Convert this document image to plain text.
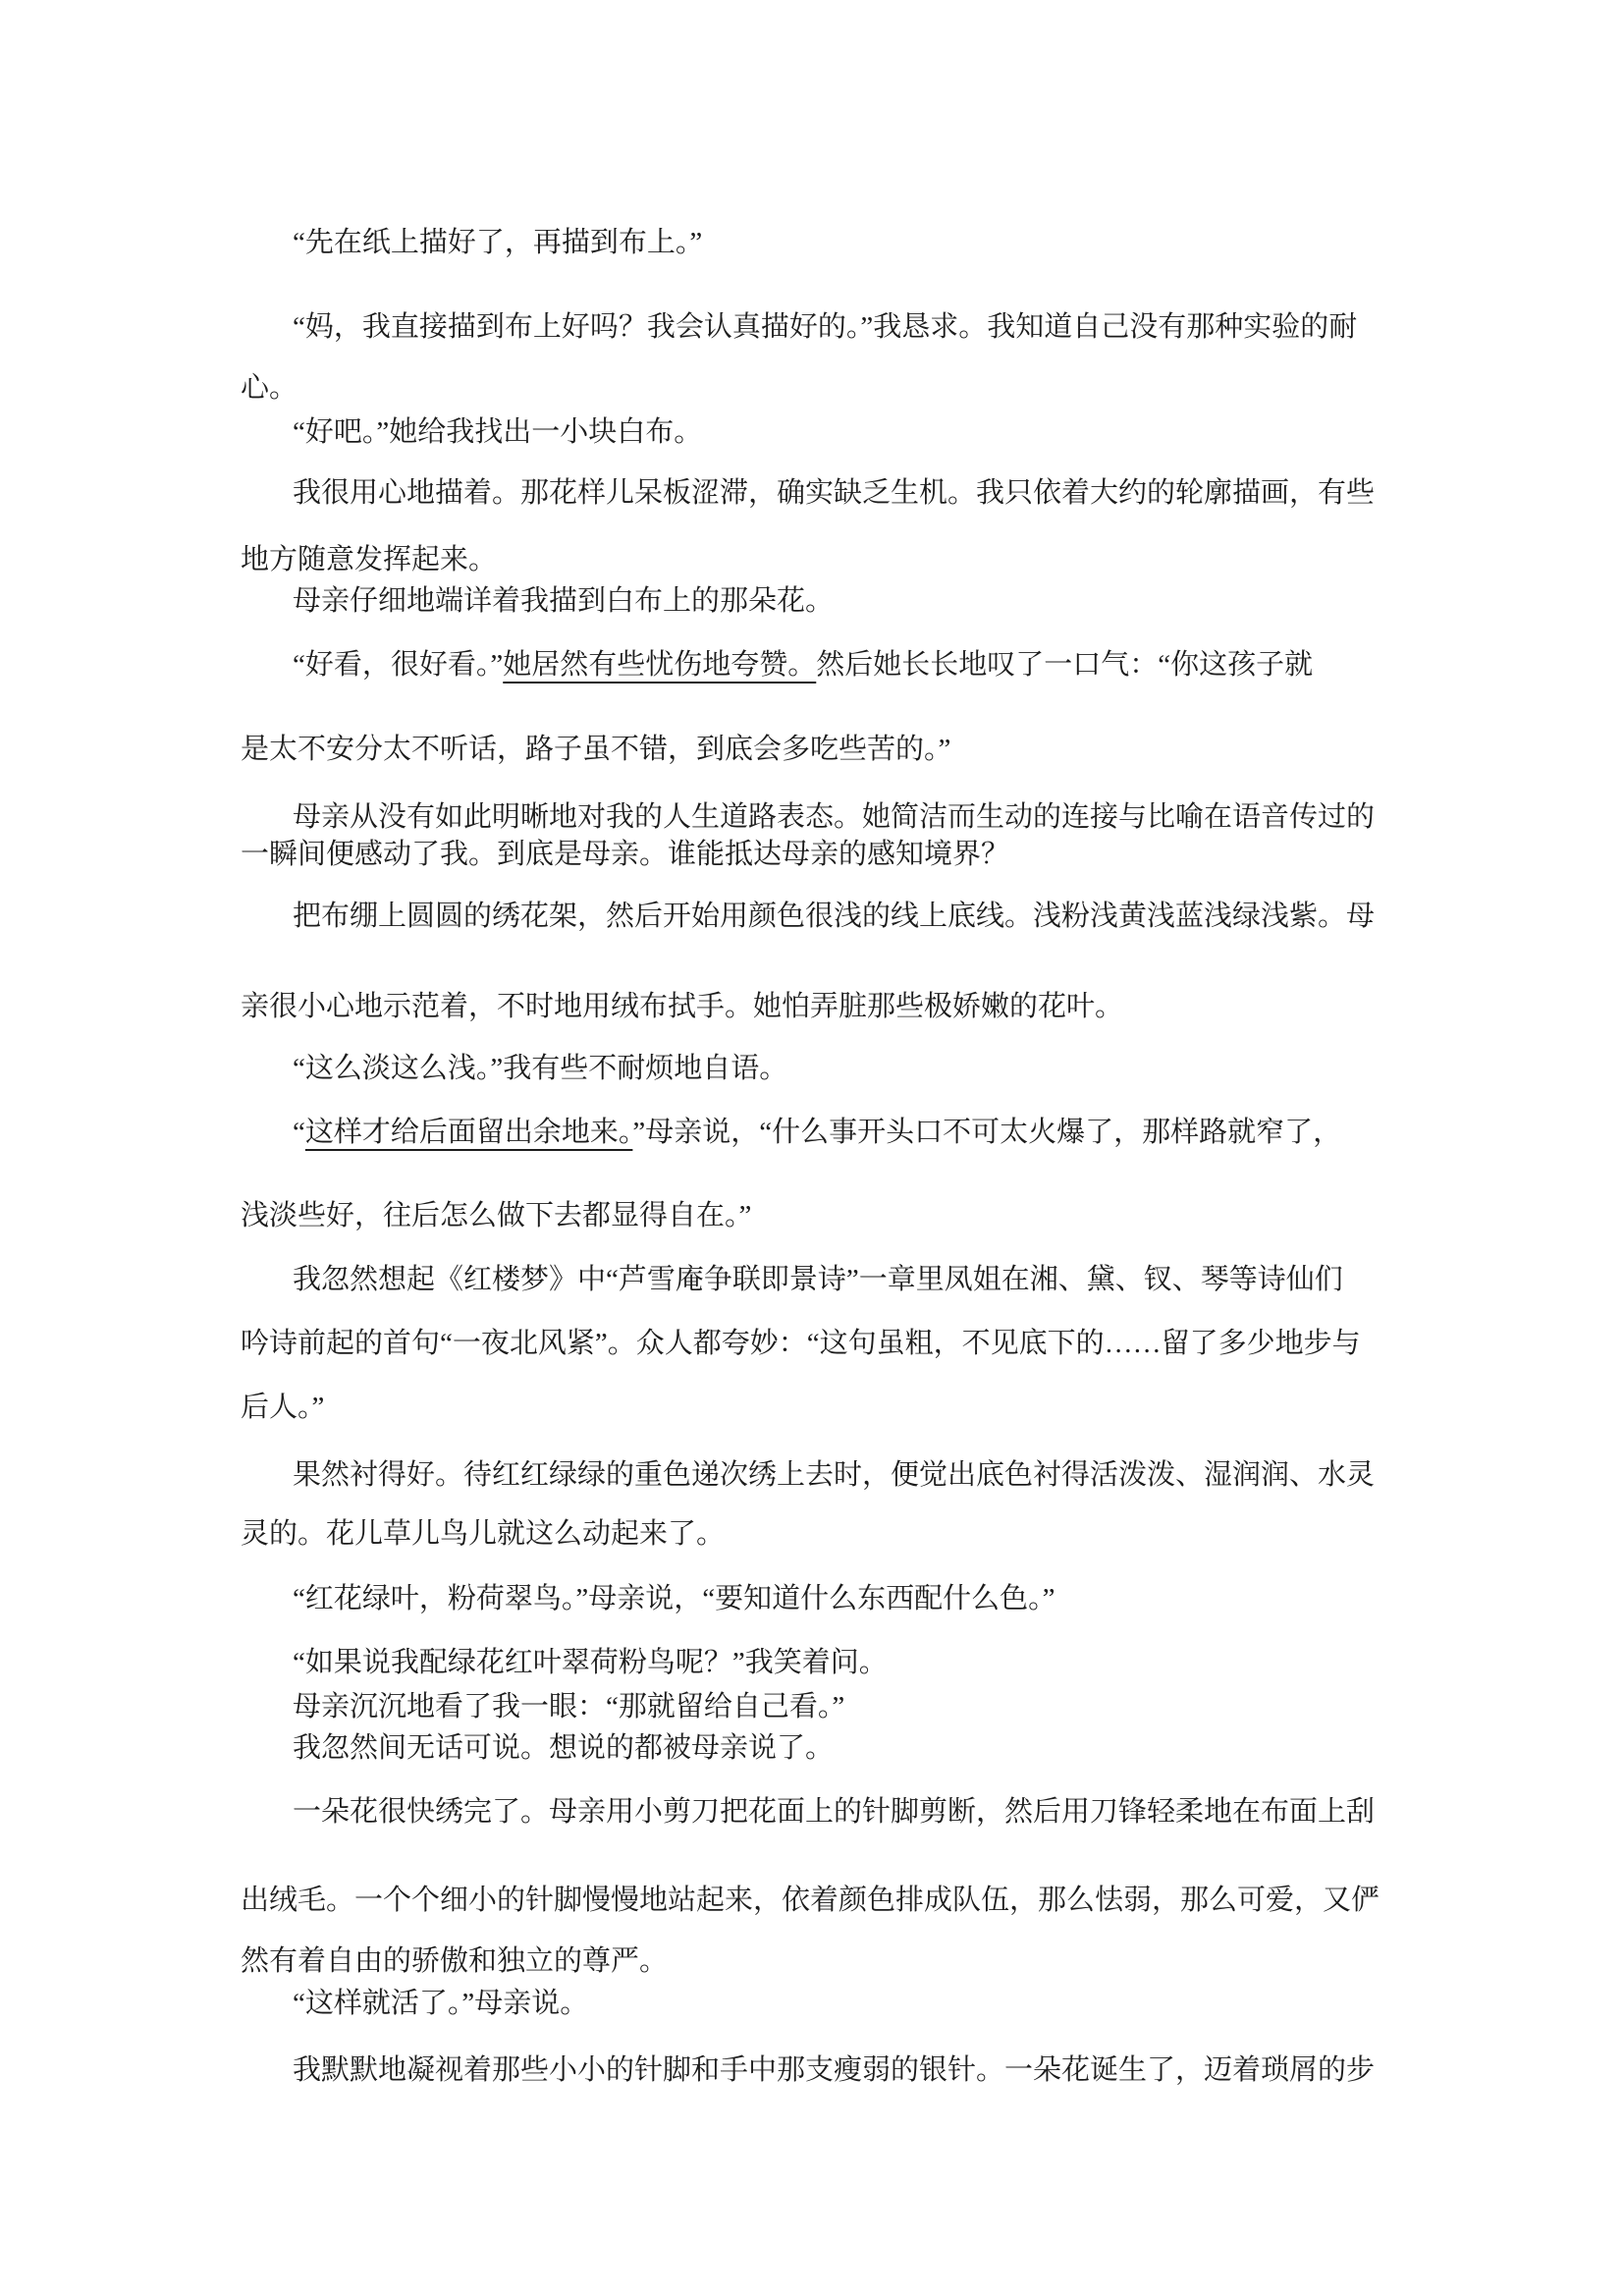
“先在纸上描好了，再描到布上。”
“妈，我直接描到布上好吗？我会认真描好的。”我恳求。我知道自己没有那种实验的耐
心。
“好吧。”她给我找出一小块白布。
我很用心地描着。那花样儿呆板涩滞，确实缺乏生机。我只依着大约的轮廓描画，有些
地方随意发挥起来。
母亲仔细地端详着我描到白布上的那朵花。
“好看，很好看。”她居然有些忧伤地夸赞。然后她长长地叹了一口气：“你这孩子就
是太不安分太不听话，路子虽不错，到底会多吃些苦的。”
母亲从没有如此明晰地对我的人生道路表态。她简洁而生动的连接与比喻在语音传过的
一瞬间便感动了我。到底是母亲。谁能抵达母亲的感知境界？
把布绷上圆圆的绣花架，然后开始用颜色很浅的线上底线。浅粉浅黄浅蓝浅绿浅紫。母
亲很小心地示范着，不时地用绒布拭手。她怕弄脏那些极娇嫩的花叶。
“这么淡这么浅。”我有些不耐烦地自语。
“这样才给后面留出余地来。”母亲说，“什么事开头口不可太火爆了，那样路就窄了，
浅淡些好，往后怎么做下去都显得自在。”
我忽然想起《红楼梦》中“芦雪庵争联即景诗”一章里凤姐在湘、黛、钗、琴等诗仙们
吟诗前起的首句“一夜北风紧”。众人都夸妙：“这句虽粗，不见底下的……留了多少地步与
后人。”
果然衬得好。待红红绿绿的重色递次绣上去时，便觉出底色衬得活泼泼、湿润润、水灵
灵的。花儿草儿鸟儿就这么动起来了。
“红花绿叶，粉荷翠鸟。”母亲说，“要知道什么东西配什么色。”
“如果说我配绿花红叶翠荷粉鸟呢？”我笑着问。
母亲沉沉地看了我一眼：“那就留给自己看。”
我忽然间无话可说。想说的都被母亲说了。
一朵花很快绣完了。母亲用小剪刀把花面上的针脚剪断，然后用刀锋轻柔地在布面上刮
出绒毛。一个个细小的针脚慢慢地站起来，依着颜色排成队伍，那么怯弱，那么可爱，又俨
然有着自由的骄傲和独立的尊严。
“这样就活了。”母亲说。
我默默地凝视着那些小小的针脚和手中那支瘦弱的银针。一朵花诞生了，迈着琐屑的步
